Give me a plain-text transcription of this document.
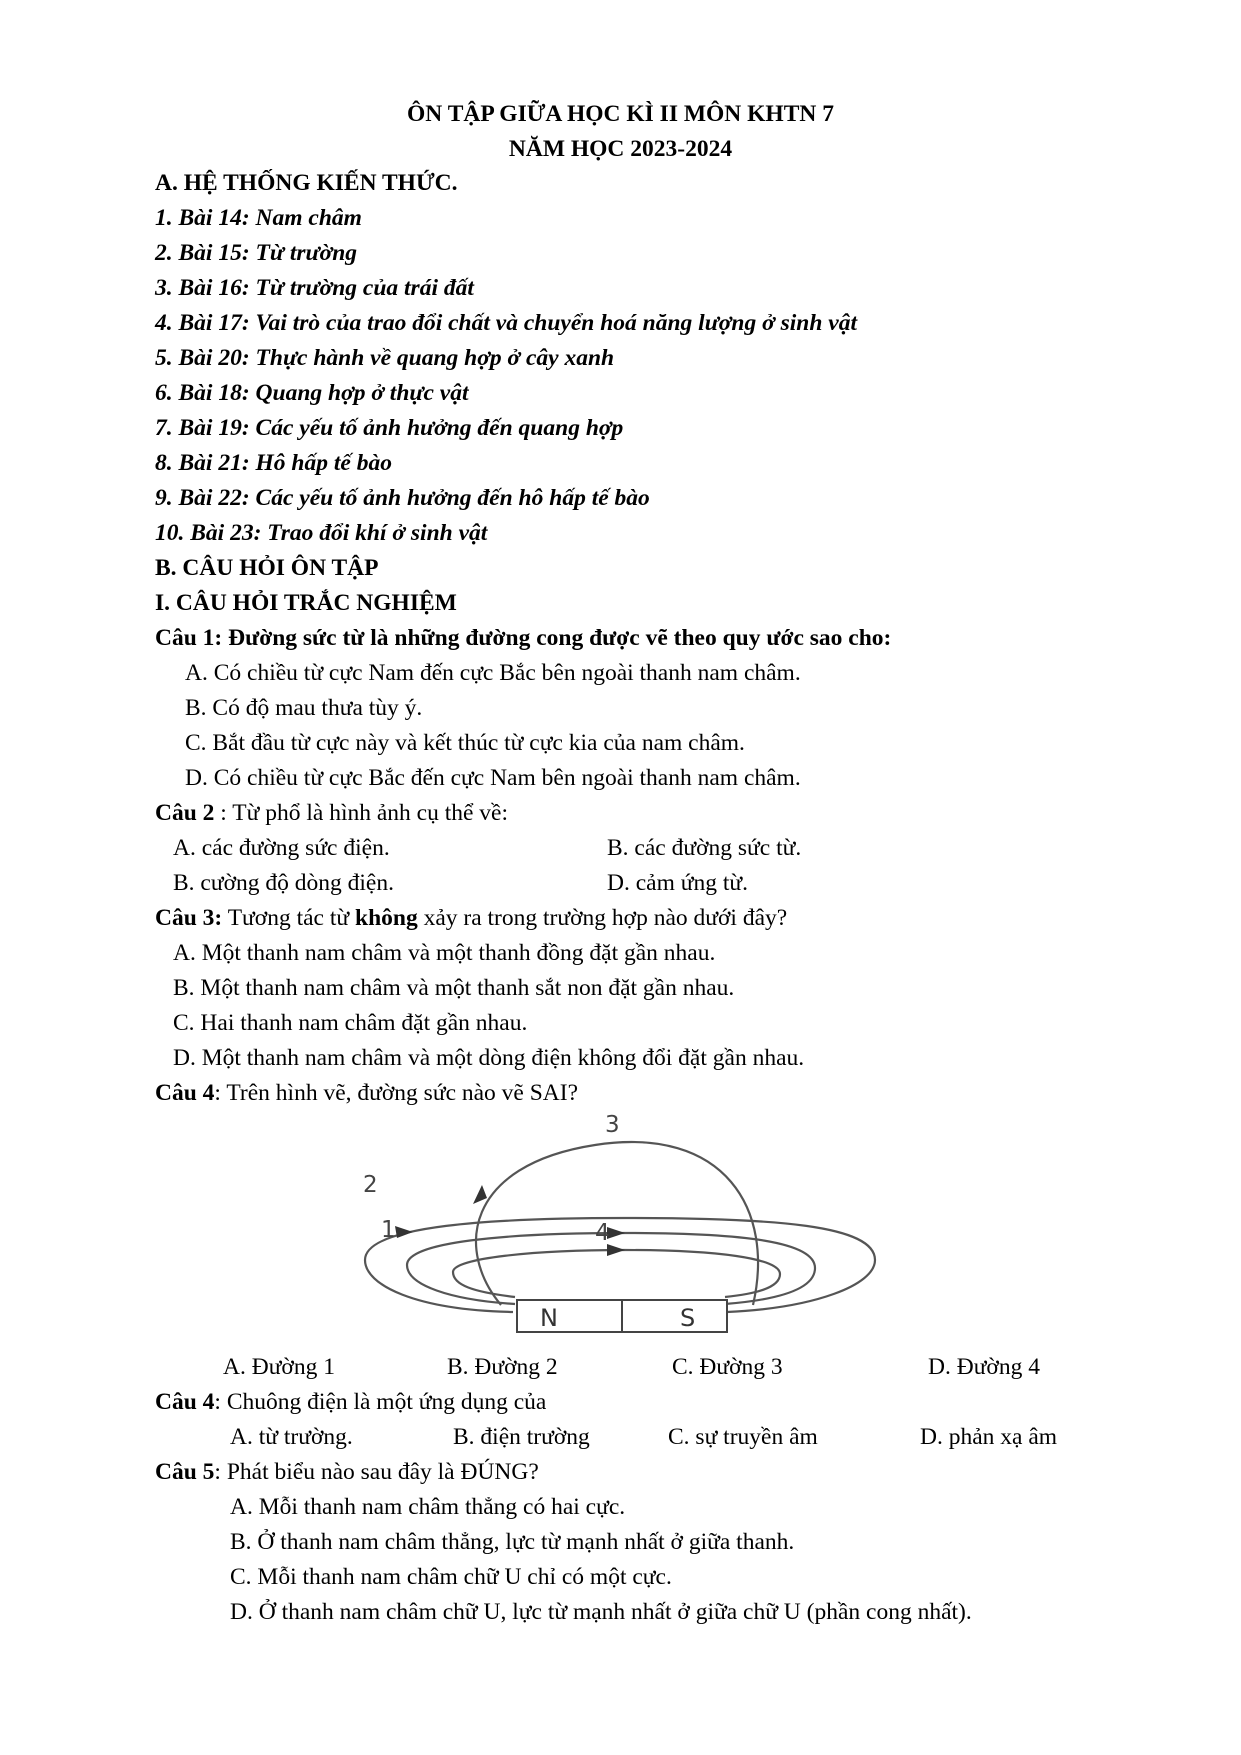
ÔN TẬP GIỮA HỌC KÌ II MÔN KHTN 7
NĂM HỌC 2023-2024
A. HỆ THỐNG KIẾN THỨC.
1. Bài 14: Nam châm
2. Bài 15: Từ trường
3. Bài 16: Từ trường của trái đất
4. Bài 17: Vai trò của trao đổi chất và chuyển hoá năng lượng ở sinh vật
5. Bài 20: Thực hành về quang hợp ở cây xanh
6. Bài 18: Quang hợp ở thực vật
7. Bài 19: Các yếu tố ảnh hưởng đến quang hợp
8. Bài 21: Hô hấp tế bào
9. Bài 22: Các yếu tố ảnh hưởng đến hô hấp tế bào
10. Bài 23: Trao đổi khí ở sinh vật
B. CÂU HỎI ÔN TẬP
I. CÂU HỎI TRẮC NGHIỆM
Câu 1: Đường sức từ là những đường cong được vẽ theo quy ước sao cho:
A. Có chiều từ cực Nam đến cực Bắc bên ngoài thanh nam châm.
B. Có độ mau thưa tùy ý.
C. Bắt đầu từ cực này và kết thúc từ cực kia của nam châm.
D. Có chiều từ cực Bắc đến cực Nam bên ngoài thanh nam châm.
Câu 2 : Từ phổ là hình ảnh cụ thể về:
A. các đường sức điện.	B. các đường sức từ.
B. cường độ dòng điện.	D. cảm ứng từ.
Câu 3: Tương tác từ không xảy ra trong trường hợp nào dưới đây?
A. Một thanh nam châm và một thanh đồng đặt gần nhau.
B. Một thanh nam châm và một thanh sắt non đặt gần nhau.
C. Hai thanh nam châm đặt gần nhau.
D. Một thanh nam châm và một dòng điện không đổi đặt gần nhau.
Câu 4: Trên hình vẽ, đường sức nào vẽ SAI?
N	S
1
2
3
4
A. Đường 1	B. Đường 2	C. Đường 3	D. Đường 4
Câu 4: Chuông điện là một ứng dụng của
A. từ trường.	B. điện trường	C. sự truyền âm	D. phản xạ âm
Câu 5: Phát biểu nào sau đây là ĐÚNG?
A. Mỗi thanh nam châm thẳng có hai cực.
B. Ở thanh nam châm thẳng, lực từ mạnh nhất ở giữa thanh.
C. Mỗi thanh nam châm chữ U chỉ có một cực.
D. Ở thanh nam châm chữ U, lực từ mạnh nhất ở giữa chữ U (phần cong nhất).
